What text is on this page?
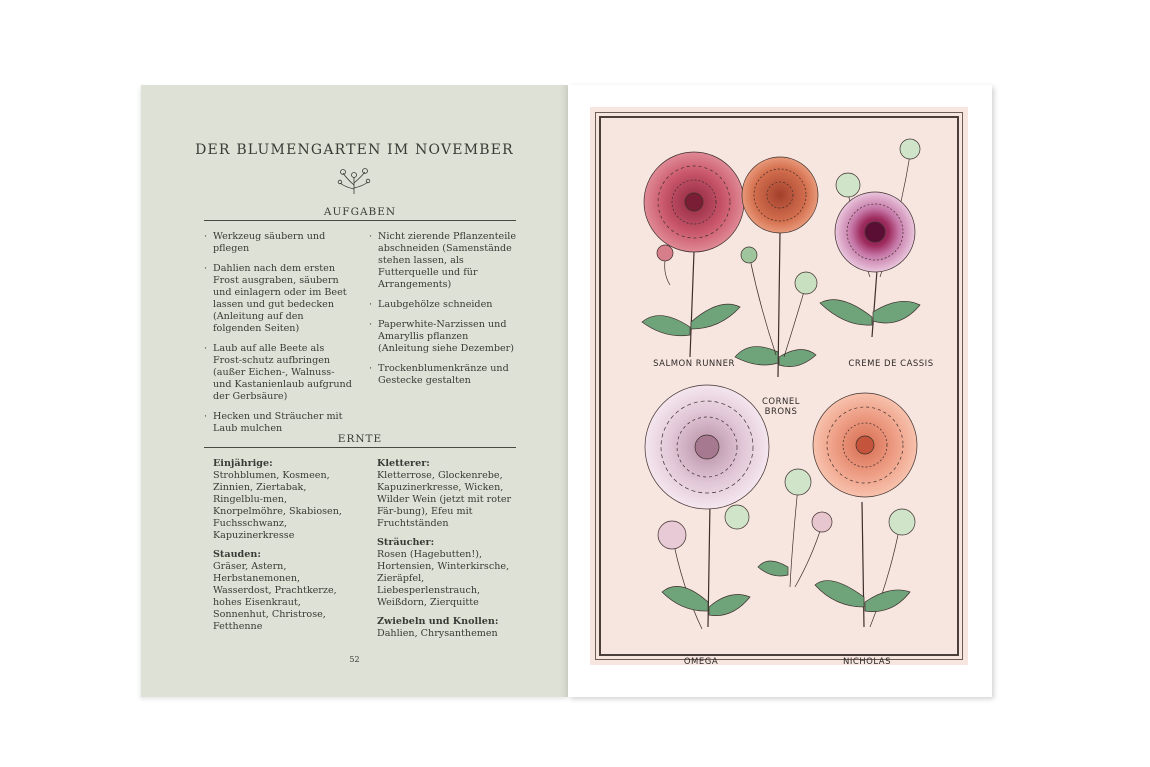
DER BLUMENGARTEN IM NOVEMBER
AUFGABEN
· Werkzeug säubern und pflegen
· Dahlien nach dem ersten Frost ausgraben, säubern und einlagern oder im Beet lassen und gut bedecken (Anleitung auf den folgenden Seiten)
· Laub auf alle Beete als Frost-schutz aufbringen (außer Eichen-, Walnuss- und Kastanienlaub aufgrund der Gerbsäure)
· Hecken und Sträucher mit Laub mulchen
· Nicht zierende Pflanzenteile abschneiden (Samenstände stehen lassen, als Futterquelle und für Arrangements)
· Laubgehölze schneiden
· Paperwhite-Narzissen und Amaryllis pflanzen (Anleitung siehe Dezember)
· Trockenblumenkränze und Gestecke gestalten
ERNTE
Einjährige:
Strohblumen, Kosmeen, Zinnien, Ziertabak, Ringelblu-men, Knorpelmöhre, Skabiosen, Fuchsschwanz, Kapuzinerkresse
Stauden:
Gräser, Astern, Herbstanemonen, Wasserdost, Prachtkerze, hohes Eisenkraut, Sonnenhut, Christrose, Fetthenne
Kletterer:
Kletterrose, Glockenrebe, Kapuzinerkresse, Wicken, Wilder Wein (jetzt mit roter Fär-bung), Efeu mit Fruchtständen
Sträucher:
Rosen (Hagebutten!), Hortensien, Winterkirsche, Zieräpfel, Liebesperlenstrauch, Weißdorn, Zierquitte
Zwiebeln und Knollen:
Dahlien, Chrysanthemen
52
SALMON RUNNER
CORNEL BRONS
CREME DE CASSIS
OMEGA	NICHOLAS
